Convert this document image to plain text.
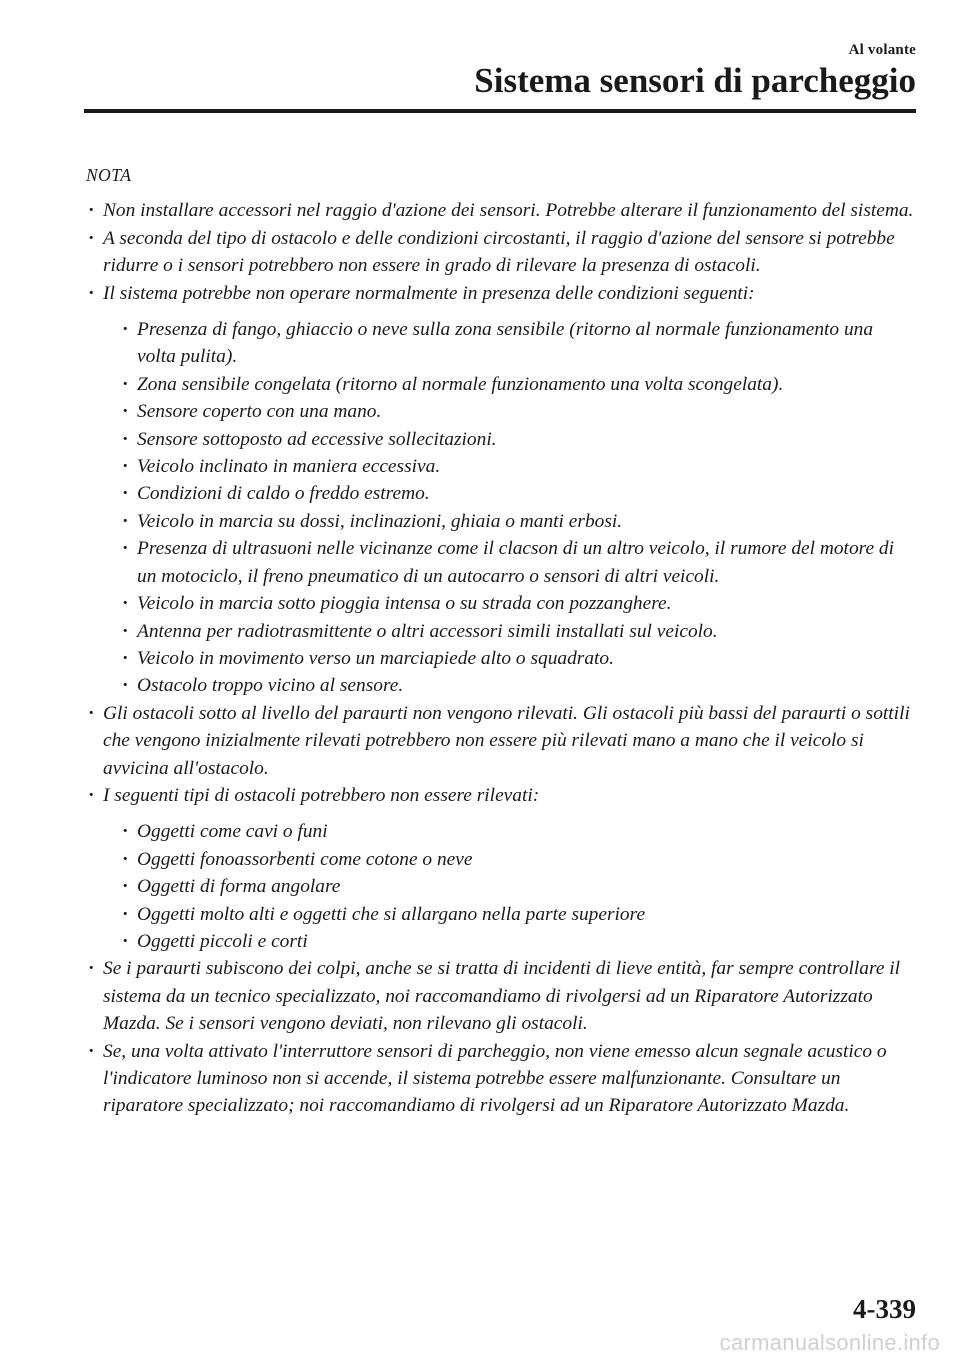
Al volante
Sistema sensori di parcheggio
NOTA
· Non installare accessori nel raggio d'azione dei sensori. Potrebbe alterare il funzionamento del sistema.
· A seconda del tipo di ostacolo e delle condizioni circostanti, il raggio d'azione del sensore si potrebbe ridurre o i sensori potrebbero non essere in grado di rilevare la presenza di ostacoli.
· Il sistema potrebbe non operare normalmente in presenza delle condizioni seguenti:
· Presenza di fango, ghiaccio o neve sulla zona sensibile (ritorno al normale funzionamento una volta pulita).
· Zona sensibile congelata (ritorno al normale funzionamento una volta scongelata).
· Sensore coperto con una mano.
· Sensore sottoposto ad eccessive sollecitazioni.
· Veicolo inclinato in maniera eccessiva.
· Condizioni di caldo o freddo estremo.
· Veicolo in marcia su dossi, inclinazioni, ghiaia o manti erbosi.
· Presenza di ultrasuoni nelle vicinanze come il clacson di un altro veicolo, il rumore del motore di un motociclo, il freno pneumatico di un autocarro o sensori di altri veicoli.
· Veicolo in marcia sotto pioggia intensa o su strada con pozzanghere.
· Antenna per radiotrasmittente o altri accessori simili installati sul veicolo.
· Veicolo in movimento verso un marciapiede alto o squadrato.
· Ostacolo troppo vicino al sensore.
· Gli ostacoli sotto al livello del paraurti non vengono rilevati. Gli ostacoli più bassi del paraurti o sottili che vengono inizialmente rilevati potrebbero non essere più rilevati mano a mano che il veicolo si avvicina all'ostacolo.
· I seguenti tipi di ostacoli potrebbero non essere rilevati:
· Oggetti come cavi o funi
· Oggetti fonoassorbenti come cotone o neve
· Oggetti di forma angolare
· Oggetti molto alti e oggetti che si allargano nella parte superiore
· Oggetti piccoli e corti
· Se i paraurti subiscono dei colpi, anche se si tratta di incidenti di lieve entità, far sempre controllare il sistema da un tecnico specializzato, noi raccomandiamo di rivolgersi ad un Riparatore Autorizzato Mazda. Se i sensori vengono deviati, non rilevano gli ostacoli.
· Se, una volta attivato l'interruttore sensori di parcheggio, non viene emesso alcun segnale acustico o l'indicatore luminoso non si accende, il sistema potrebbe essere malfunzionante. Consultare un riparatore specializzato; noi raccomandiamo di rivolgersi ad un Riparatore Autorizzato Mazda.
4-339
carmanualsonline.info
